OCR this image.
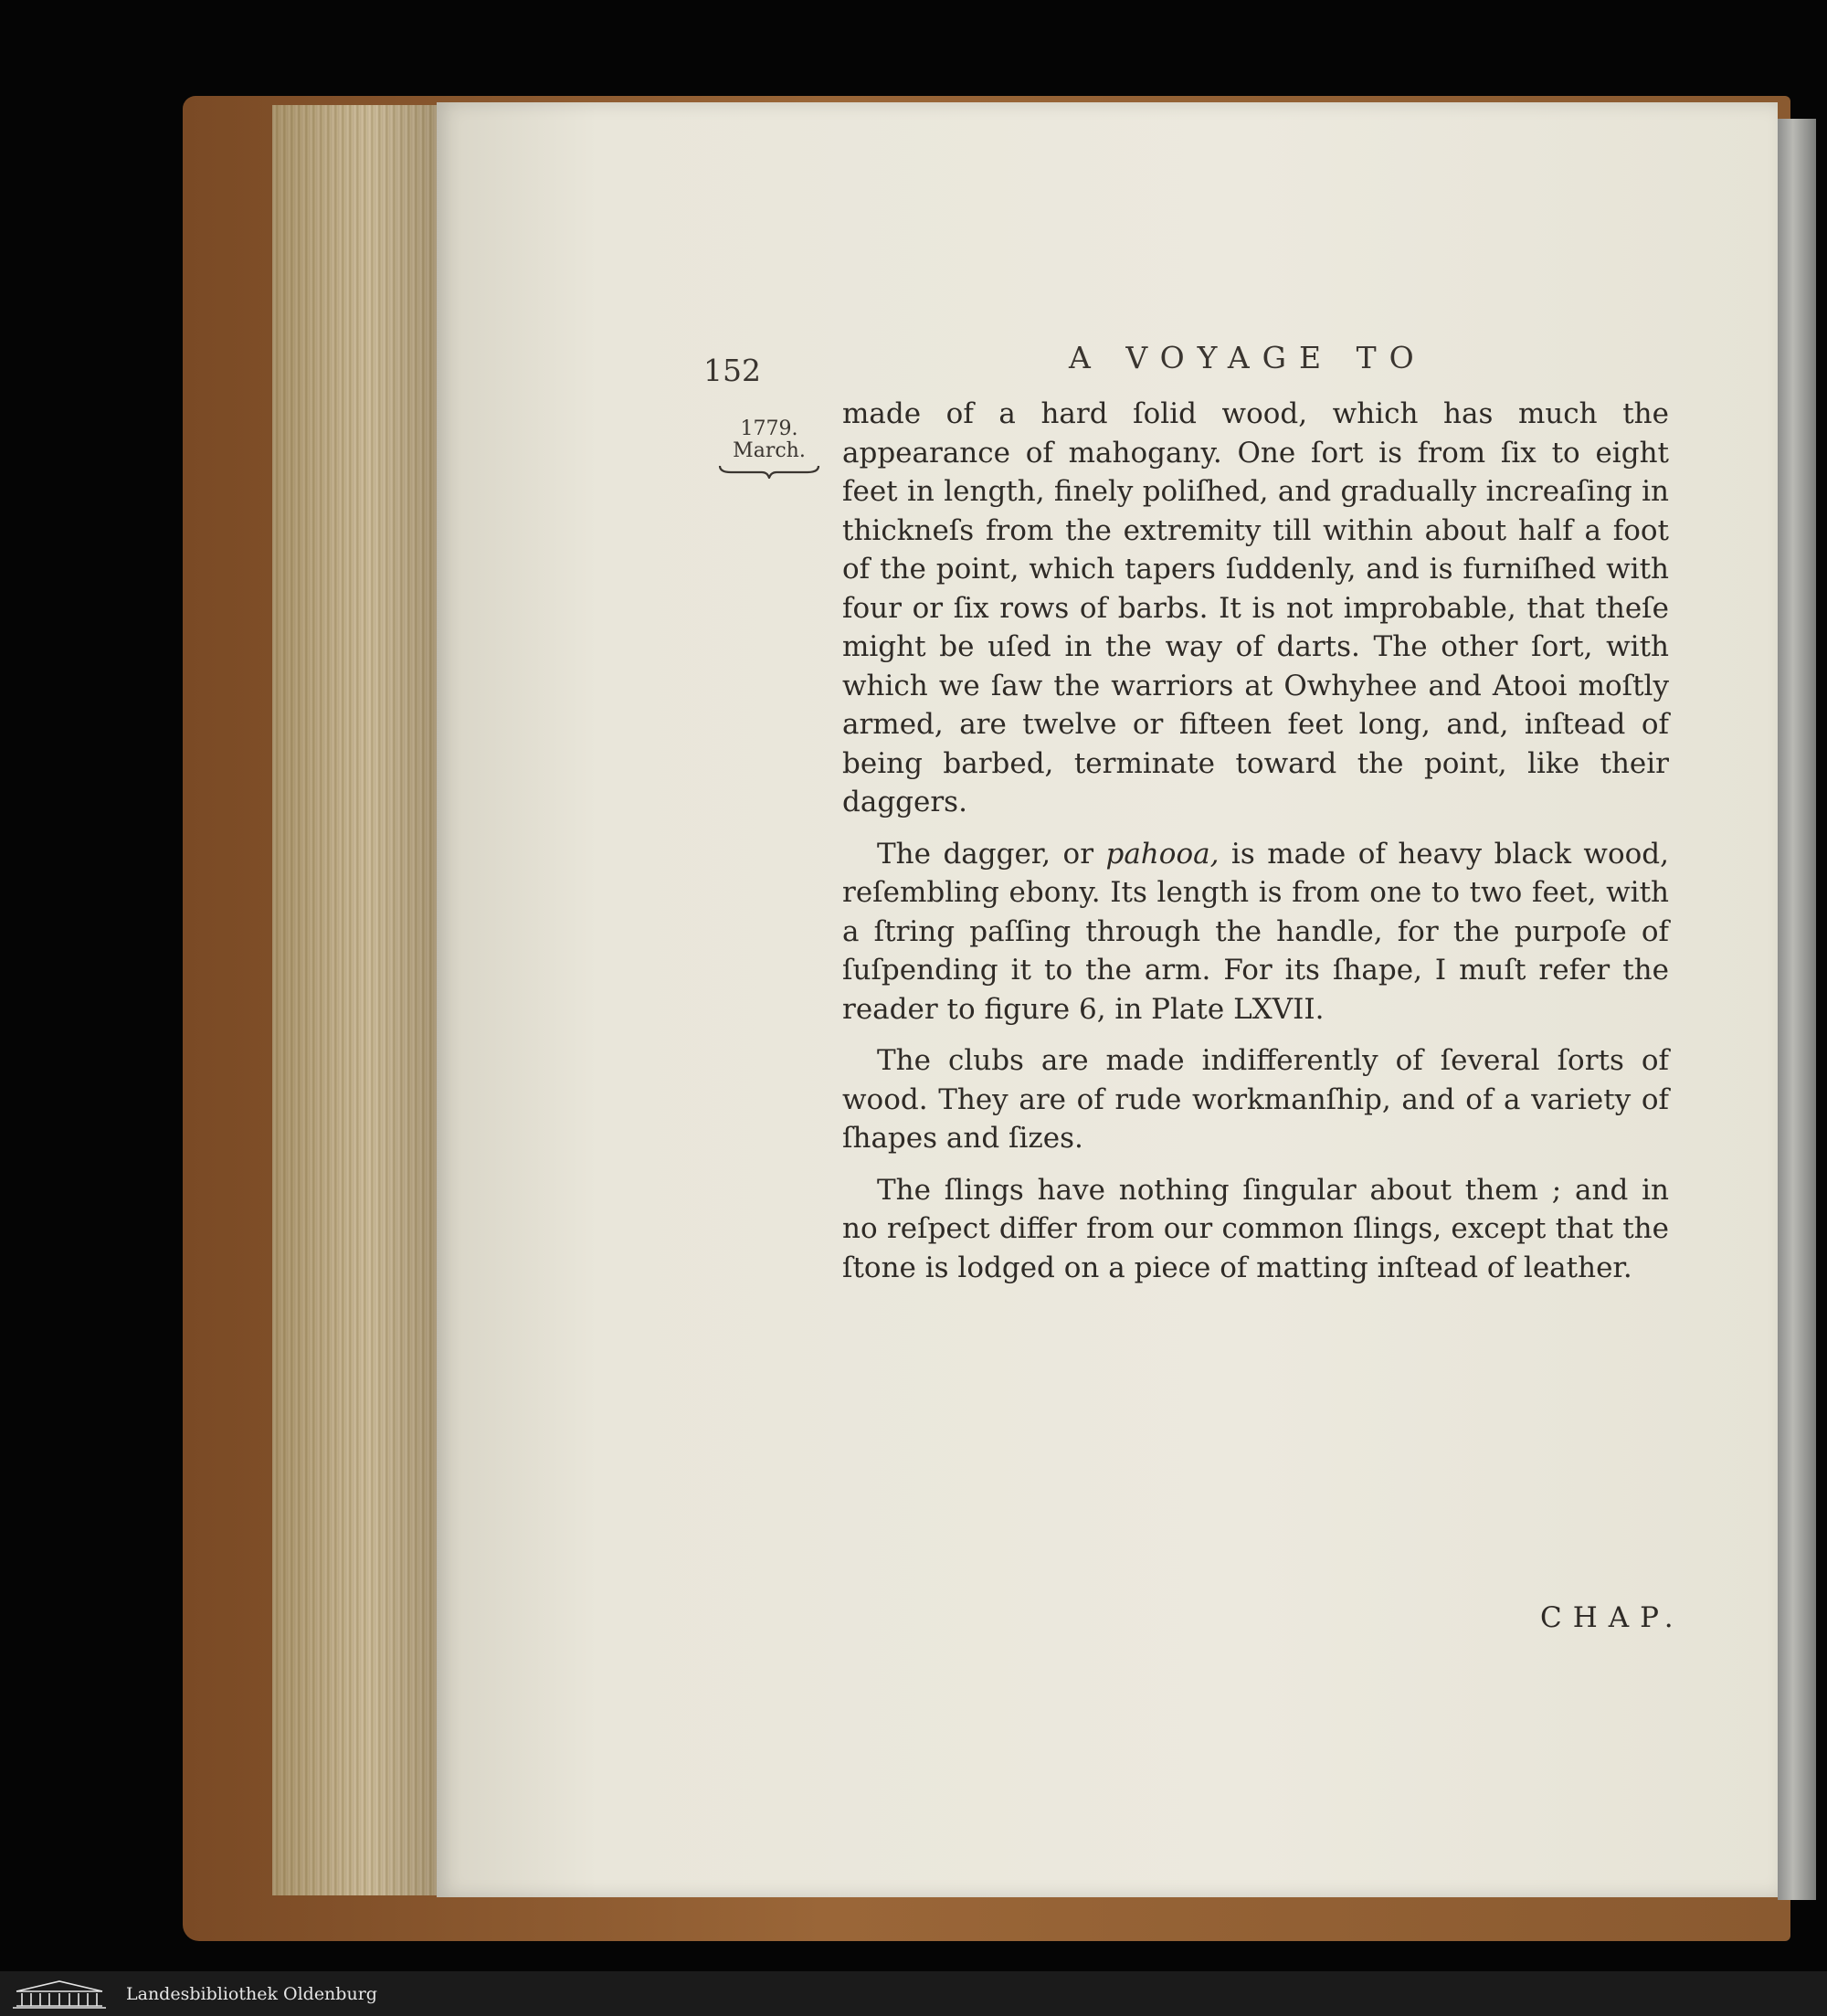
152	A VOYAGE TO
1779.
March.

made of a hard ſolid wood, which has much the appearance of mahogany. One ſort is from ſix to eight feet in length, finely poliſhed, and gradually increaſing in thickneſs from the extremity till within about half a foot of the point, which tapers ſuddenly, and is furniſhed with four or ſix rows of barbs. It is not improbable, that theſe might be uſed in the way of darts. The other ſort, with which we ſaw the warriors at Owhyhee and Atooi moſtly armed, are twelve or fifteen feet long, and, inſtead of being barbed, terminate toward the point, like their daggers.

The dagger, or pahooa, is made of heavy black wood, reſembling ebony. Its length is from one to two feet, with a ſtring paſſing through the handle, for the purpoſe of ſuſpending it to the arm. For its ſhape, I muſt refer the reader to figure 6, in Plate LXVII.

The clubs are made indifferently of ſeveral ſorts of wood. They are of rude workmanſhip, and of a variety of ſhapes and ſizes.

The ſlings have nothing ſingular about them ; and in no reſpect differ from our common ſlings, except that the ſtone is lodged on a piece of matting inſtead of leather.

CHAP.
Landesbibliothek Oldenburg
